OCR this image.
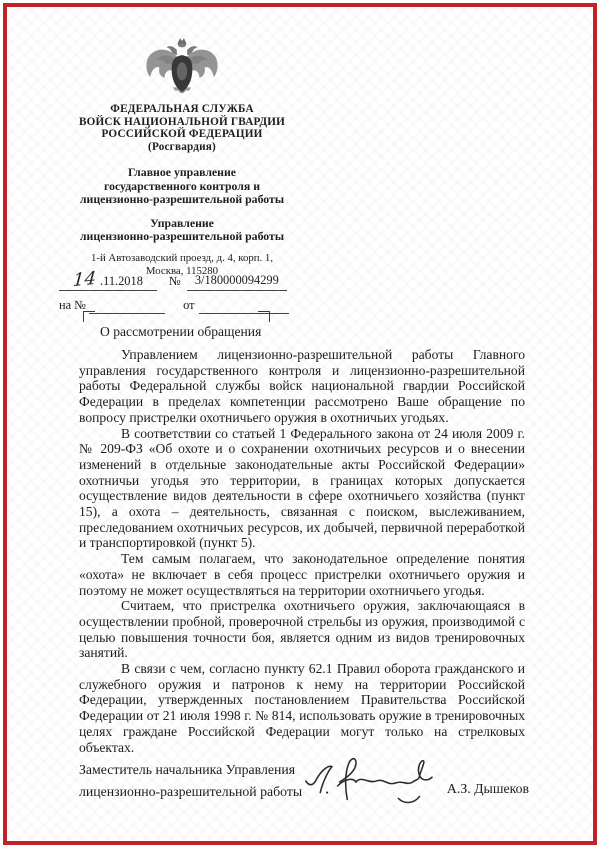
ФЕДЕРАЛЬНАЯ СЛУЖБА
ВОЙСК НАЦИОНАЛЬНОЙ ГВАРДИИ
РОССИЙСКОЙ ФЕДЕРАЦИИ
(Росгвардия)
Главное управление
государственного контроля и
лицензионно-разрешительной работы
Управление
лицензионно-разрешительной работы
1-й Автозаводский проезд, д. 4, корп. 1,
Москва, 115280
14 .11.2018 №	3/180000094299
на №	от
О рассмотрении обращения

Управлением лицензионно-разрешительной работы Главного управления государственного контроля и лицензионно-разрешительной работы Федеральной службы войск национальной гвардии Российской Федерации в пределах компетенции рассмотрено Ваше обращение по вопросу пристрелки охотничьего оружия в охотничьих угодьях.

В соответствии со статьей 1 Федерального закона от 24 июля 2009 г. № 209-ФЗ «Об охоте и о сохранении охотничьих ресурсов и о внесении изменений в отдельные законодательные акты Российской Федерации» охотничьи угодья это территории, в границах которых допускается осуществление видов деятельности в сфере охотничьего хозяйства (пункт 15), а охота – деятельность, связанная с поиском, выслеживанием, преследованием охотничьих ресурсов, их добычей, первичной переработкой и транспортировкой (пункт 5).

Тем самым полагаем, что законодательное определение понятия «охота» не включает в себя процесс пристрелки охотничьего оружия и поэтому не может осуществляться на территории охотничьего угодья.

Считаем, что пристрелка охотничьего оружия, заключающаяся в осуществлении пробной, проверочной стрельбы из оружия, производимой с целью повышения точности боя, является одним из видов тренировочных занятий.

В связи с чем, согласно пункту 62.1 Правил оборота гражданского и служебного оружия и патронов к нему на территории Российской Федерации, утвержденных постановлением Правительства Российской Федерации от 21 июля 1998 г. № 814, использовать оружие в тренировочных целях граждане Российской Федерации могут только на стрелковых объектах.

Заместитель начальника Управления
лицензионно-разрешительной работы	А.З. Дышеков
